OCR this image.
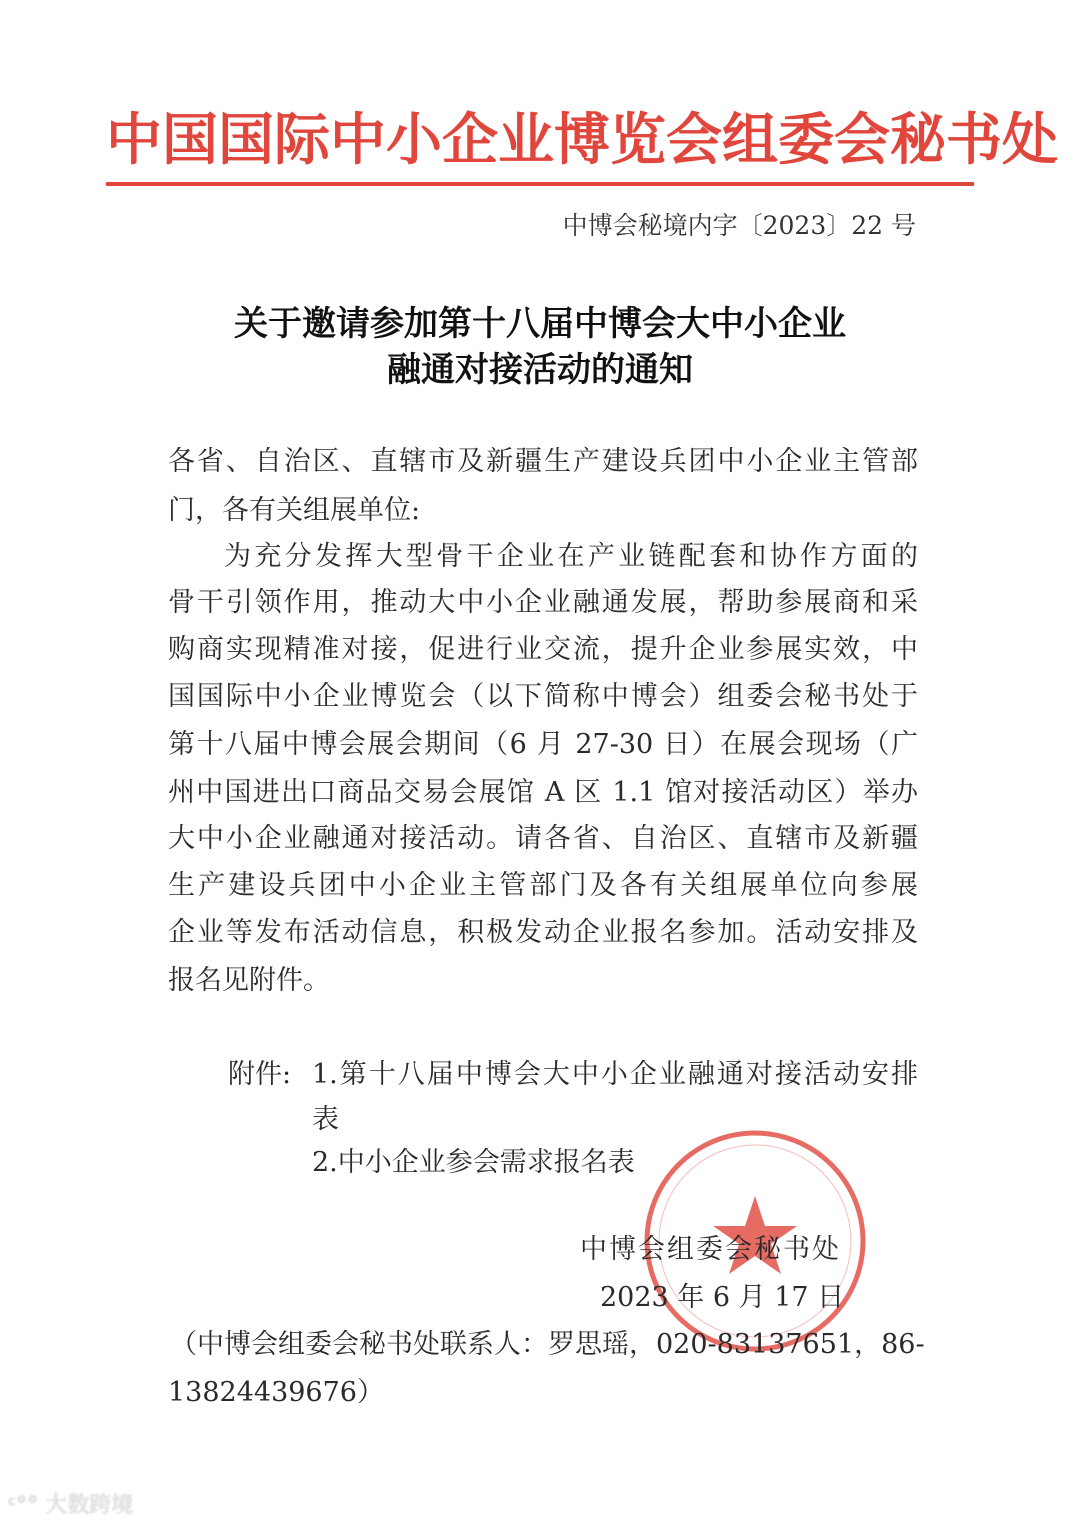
中国国际中小企业博览会组委会秘书处
中博会秘境内字〔2023〕22 号
关于邀请参加第十八届中博会大中小企业
融通对接活动的通知
各省、自治区、直辖市及新疆生产建设兵团中小企业主管部
门，各有关组展单位:
为充分发挥大型骨干企业在产业链配套和协作方面的
骨干引领作用，推动大中小企业融通发展，帮助参展商和采
购商实现精准对接，促进行业交流，提升企业参展实效，中
国国际中小企业博览会（以下简称中博会）组委会秘书处于
第十八届中博会展会期间（6 月 27-30 日）在展会现场（广
州中国进出口商品交易会展馆 A 区 1.1 馆对接活动区）举办
大中小企业融通对接活动。请各省、自治区、直辖市及新疆
生产建设兵团中小企业主管部门及各有关组展单位向参展
企业等发布活动信息，积极发动企业报名参加。活动安排及
报名见附件。
附件: 1.第十八届中博会大中小企业融通对接活动安排
表
2.中小企业参会需求报名表
中博会组委会秘书处
2023 年 6 月 17 日
（中博会组委会秘书处联系人：罗思瑶，020-83137651，86-
13824439676）
ᶜ°° 大数跨境
